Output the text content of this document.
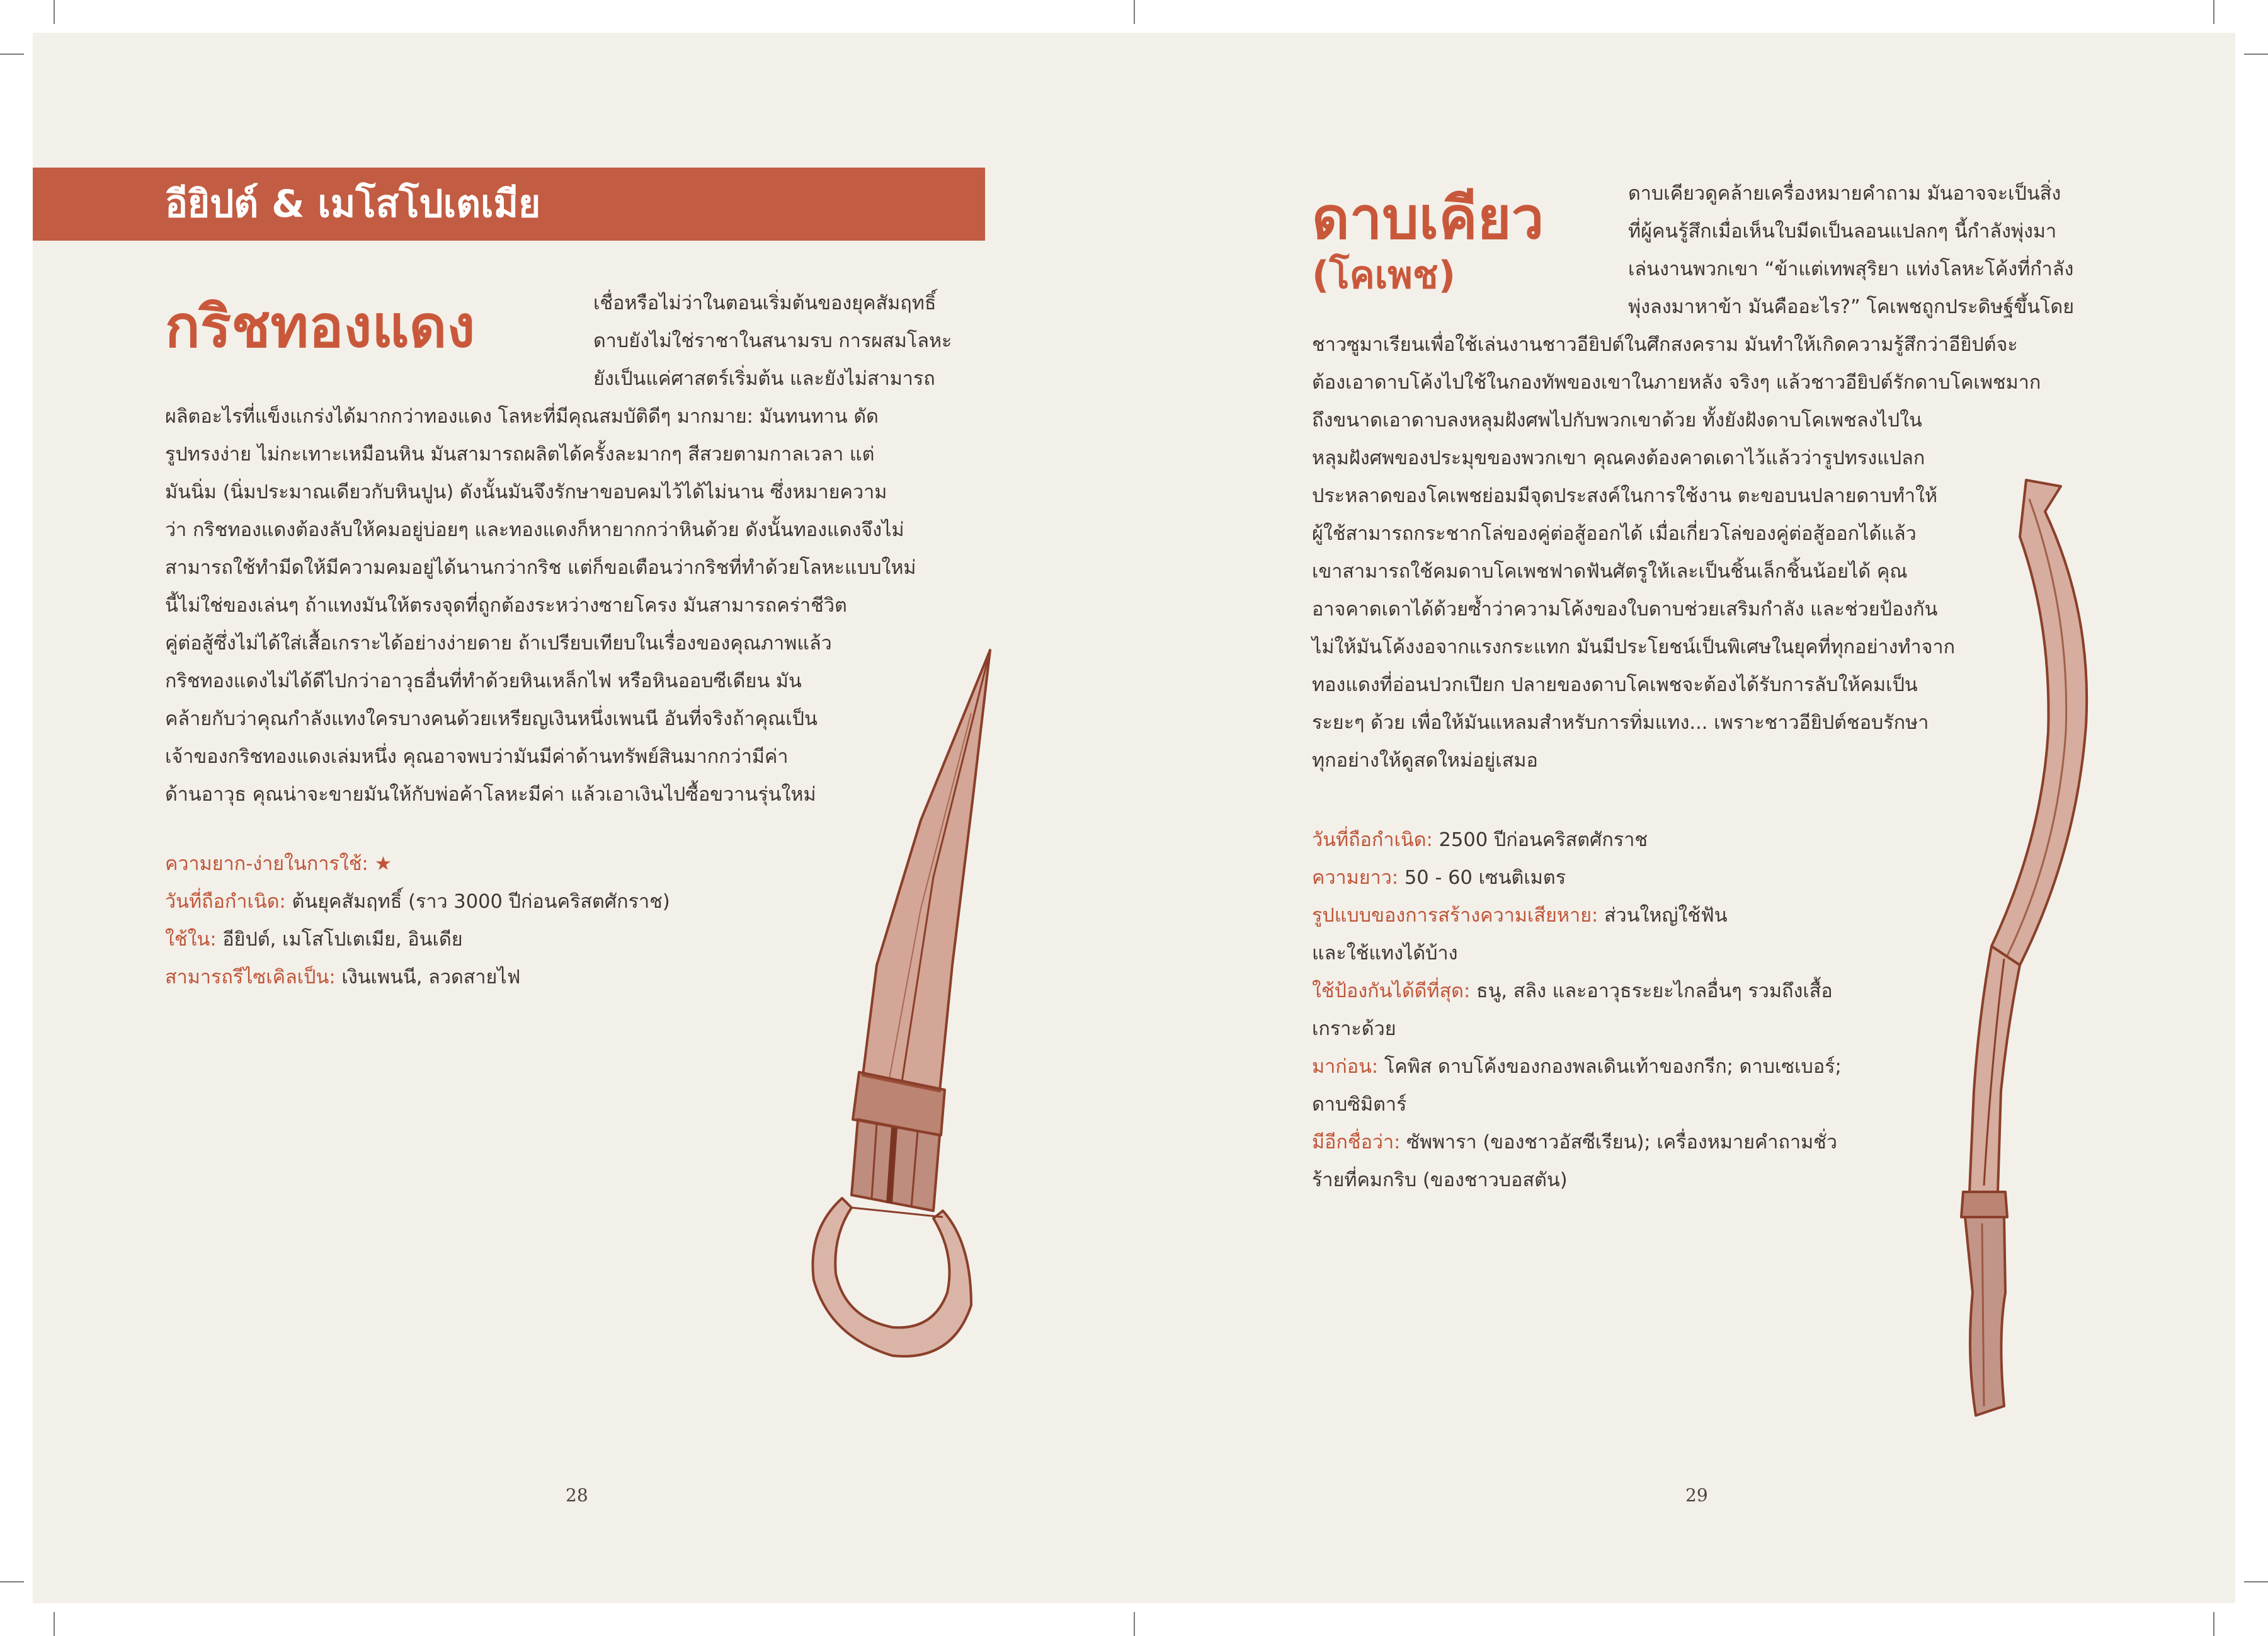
อียิปต์ & เมโสโปเตเมีย
กริชทองแดง	เชื่อหรือไม่ว่าในตอนเริ่มต้นของยุคสัมฤทธิ์
ดาบยังไม่ใช่ราชาในสนามรบ การผสมโลหะ
ยังเป็นแค่ศาสตร์เริ่มต้น และยังไม่สามารถ
ผลิตอะไรที่แข็งแกร่งได้มากกว่าทองแดง โลหะที่มีคุณสมบัติดีๆ มากมาย: มันทนทาน ดัด
รูปทรงง่าย ไม่กะเทาะเหมือนหิน มันสามารถผลิตได้ครั้งละมากๆ สีสวยตามกาลเวลา แต่
มันนิ่ม (นิ่มประมาณเดียวกับหินปูน) ดังนั้นมันจึงรักษาขอบคมไว้ได้ไม่นาน ซึ่งหมายความ
ว่า กริชทองแดงต้องลับให้คมอยู่บ่อยๆ และทองแดงก็หายากกว่าหินด้วย ดังนั้นทองแดงจึงไม่
สามารถใช้ทำมีดให้มีความคมอยู่ได้นานกว่ากริช แต่ก็ขอเตือนว่ากริชที่ทำด้วยโลหะแบบใหม่
นี้ไม่ใช่ของเล่นๆ ถ้าแทงมันให้ตรงจุดที่ถูกต้องระหว่างซายโครง มันสามารถคร่าชีวิต
คู่ต่อสู้ซึ่งไม่ได้ใส่เสื้อเกราะได้อย่างง่ายดาย ถ้าเปรียบเทียบในเรื่องของคุณภาพแล้ว
กริชทองแดงไม่ได้ดีไปกว่าอาวุธอื่นที่ทำด้วยหินเหล็กไฟ หรือหินออบซีเดียน มัน
คล้ายกับว่าคุณกำลังแทงใครบางคนด้วยเหรียญเงินหนึ่งเพนนี อันที่จริงถ้าคุณเป็น
เจ้าของกริชทองแดงเล่มหนึ่ง คุณอาจพบว่ามันมีค่าด้านทรัพย์สินมากกว่ามีค่า
ด้านอาวุธ คุณน่าจะขายมันให้กับพ่อค้าโลหะมีค่า แล้วเอาเงินไปซื้อขวานรุ่นใหม่
ความยาก-ง่ายในการใช้: ★
วันที่ถือกำเนิด: ต้นยุคสัมฤทธิ์ (ราว 3000 ปีก่อนคริสตศักราช)
ใช้ใน: อียิปต์, เมโสโปเตเมีย, อินเดีย
สามารถรีไซเคิลเป็น: เงินเพนนี, ลวดสายไฟ
28
ดาบเคียว
(โคเพช)
ดาบเคียวดูคล้ายเครื่องหมายคำถาม มันอาจจะเป็นสิ่ง
ที่ผู้คนรู้สึกเมื่อเห็นใบมีดเป็นลอนแปลกๆ นี้กำลังพุ่งมา
เล่นงานพวกเขา “ข้าแต่เทพสุริยา แท่งโลหะโค้งที่กำลัง
พุ่งลงมาหาข้า มันคืออะไร?” โคเพชถูกประดิษฐ์ขึ้นโดย
ชาวซูมาเรียนเพื่อใช้เล่นงานชาวอียิปต์ในศึกสงคราม มันทำให้เกิดความรู้สึกว่าอียิปต์จะ
ต้องเอาดาบโค้งไปใช้ในกองทัพของเขาในภายหลัง จริงๆ แล้วชาวอียิปต์รักดาบโคเพชมาก
ถึงขนาดเอาดาบลงหลุมฝังศพไปกับพวกเขาด้วย ทั้งยังฝังดาบโคเพชลงไปใน
หลุมฝังศพของประมุขของพวกเขา คุณคงต้องคาดเดาไว้แล้วว่ารูปทรงแปลก
ประหลาดของโคเพชย่อมมีจุดประสงค์ในการใช้งาน ตะขอบนปลายดาบทำให้
ผู้ใช้สามารถกระชากโล่ของคู่ต่อสู้ออกได้ เมื่อเกี่ยวโล่ของคู่ต่อสู้ออกได้แล้ว
เขาสามารถใช้คมดาบโคเพชฟาดฟันศัตรูให้เละเป็นชิ้นเล็กชิ้นน้อยได้ คุณ
อาจคาดเดาได้ด้วยซ้ำว่าความโค้งของใบดาบช่วยเสริมกำลัง และช่วยป้องกัน
ไม่ให้มันโค้งงอจากแรงกระแทก มันมีประโยชน์เป็นพิเศษในยุคที่ทุกอย่างทำจาก
ทองแดงที่อ่อนปวกเปียก ปลายของดาบโคเพชจะต้องได้รับการลับให้คมเป็น
ระยะๆ ด้วย เพื่อให้มันแหลมสำหรับการทิ่มแทง... เพราะชาวอียิปต์ชอบรักษา
ทุกอย่างให้ดูสดใหม่อยู่เสมอ
วันที่ถือกำเนิด: 2500 ปีก่อนคริสตศักราช
ความยาว: 50 - 60 เซนติเมตร
รูปแบบของการสร้างความเสียหาย: ส่วนใหญ่ใช้ฟัน
และใช้แทงได้บ้าง
ใช้ป้องกันได้ดีที่สุด: ธนู, สลิง และอาวุธระยะไกลอื่นๆ รวมถึงเสื้อ
เกราะด้วย
มาก่อน: โคพิส ดาบโค้งของกองพลเดินเท้าของกรีก; ดาบเซเบอร์;
ดาบซิมิตาร์
มีอีกชื่อว่า: ซัพพารา (ของชาวอัสซีเรียน); เครื่องหมายคำถามชั่ว
ร้ายที่คมกริบ (ของชาวบอสตัน)
29
